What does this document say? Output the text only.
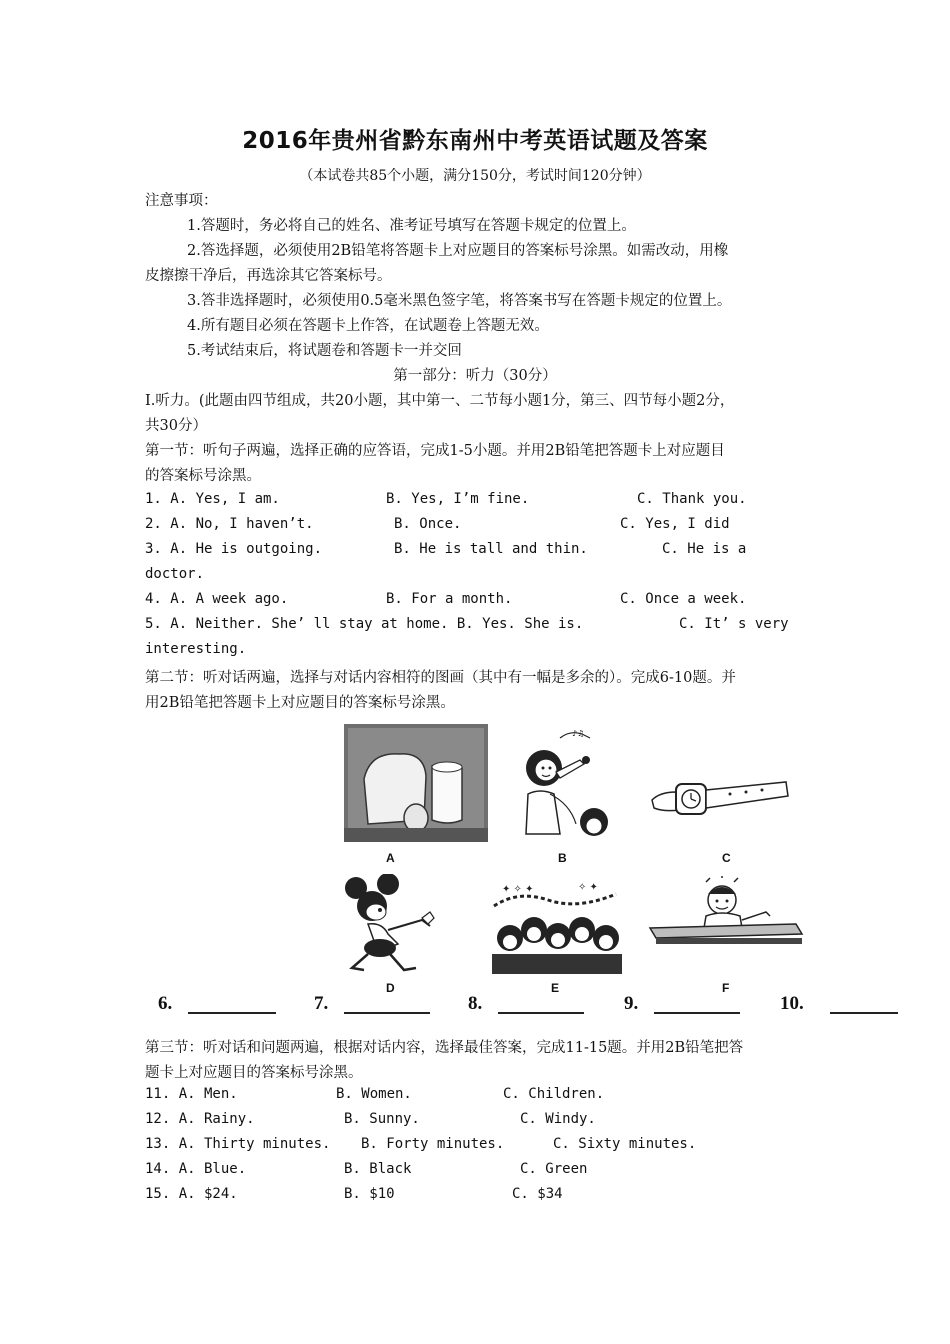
2016年贵州省黔东南州中考英语试题及答案
（本试卷共85个小题，满分150分，考试时间120分钟）
注意事项：
1.答题时，务必将自己的姓名、准考证号填写在答题卡规定的位置上。
2.答选择题，必须使用2B铅笔将答题卡上对应题目的答案标号涂黑。如需改动，用橡
皮擦擦干净后，再选涂其它答案标号。
3.答非选择题时，必须使用0.5毫米黑色签字笔，将答案书写在答题卡规定的位置上。
4.所有题目必须在答题卡上作答，在试题卷上答题无效。
5.考试结束后，将试题卷和答题卡一并交回
第一部分：听力（30分）
Ⅰ.听力。(此题由四节组成，共20小题，其中第一、二节每小题1分，第三、四节每小题2分，
共30分）
第一节：听句子两遍，选择正确的应答语，完成1-5小题。并用2B铅笔把答题卡上对应题目
的答案标号涂黑。
1. A. Yes, I am.	B. Yes, I’m fine.	C. Thank you.
2. A. No, I haven’t.	B. Once.	C. Yes, I did
3. A. He is outgoing.	B. He is tall and thin.	C. He is a
doctor.
4. A. A week ago.	B. For a month.	C. Once a week.
5. A. Neither. She’ ll stay at home. B. Yes. She is.	C. It’ s very
interesting.
第二节：听对话两遍，选择与对话内容相符的图画（其中有一幅是多余的）。完成6-10题。并
用2B铅笔把答题卡上对应题目的答案标号涂黑。
A
♪♫
B	C
D
✦ ✧ ✦	✧ ✦
E	F
6.	7.	8.	9.	10.
第三节：听对话和问题两遍，根据对话内容，选择最佳答案，完成11-15题。并用2B铅笔把答
题卡上对应题目的答案标号涂黑。
11. A. Men.	B. Women.	C. Children.
12. A. Rainy.	B. Sunny.	C. Windy.
13. A. Thirty minutes. B. Forty minutes.	C. Sixty minutes.
14. A. Blue.	B. Black	C. Green
15. A. $24.	B. $10	C. $34
